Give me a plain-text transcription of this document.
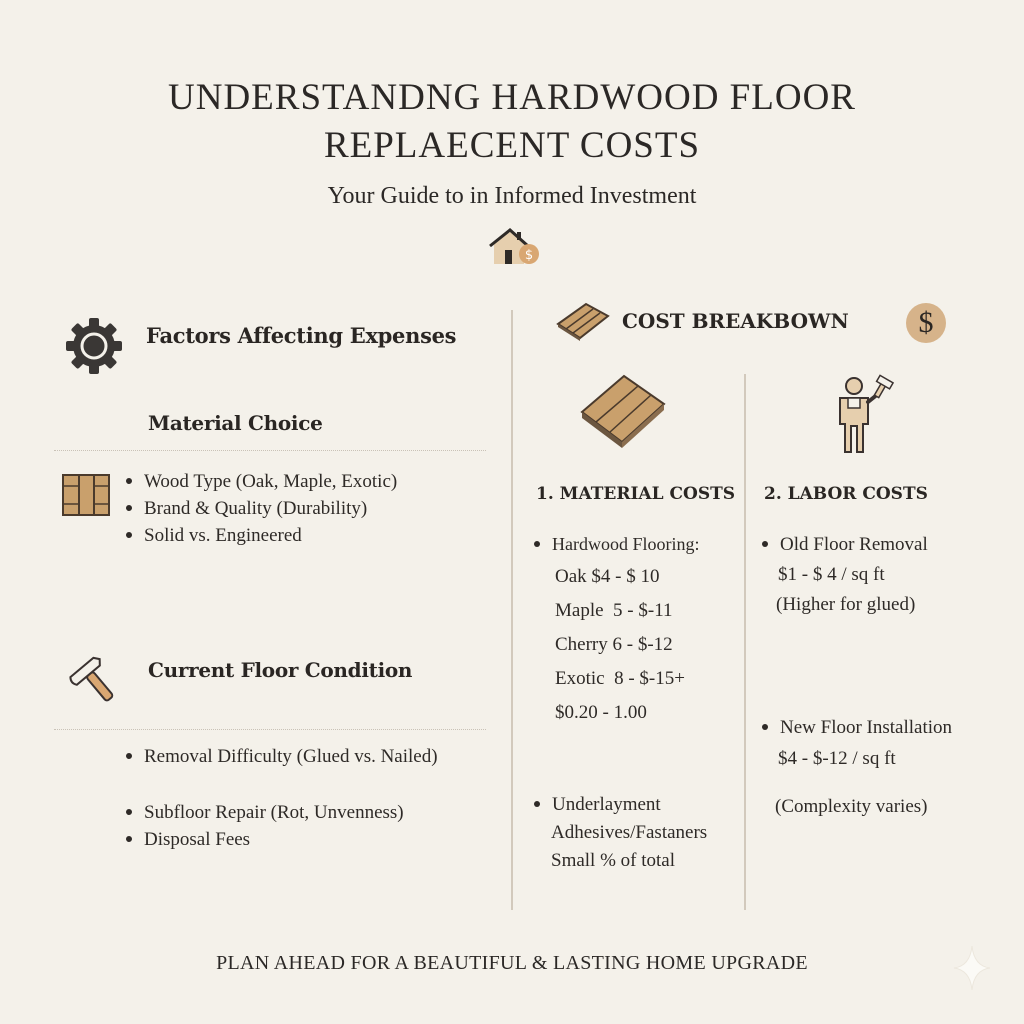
UNDERSTANDNG HARDWOOD FLOOR
REPLAECENT COSTS
Your Guide to in Informed Investment
$
Factors Affecting Expenses
Material Choice
Wood Type (Oak, Maple, Exotic)
Brand & Quality (Durability)
Solid vs. Engineered
Current Floor Condition
Removal Difficulty (Glued vs. Nailed)
Subfloor Repair (Rot, Unvenness)
Disposal Fees
COST BREAKBOWN	$
1. MATERIAL COSTS
Hardwood Flooring:
Oak $4 - $ 10
Maple  5 - $-11
Cherry 6 - $-12
Exotic  8 - $-15+
$0.20 - 1.00
Underlayment
Adhesives/Fastaners
Small % of total
2. LABOR COSTS
Old Floor Removal
$1 - $ 4 / sq ft
(Higher for glued)
New Floor Installation
$4 - $-12 / sq ft
(Complexity varies)
PLAN AHEAD FOR A BEAUTIFUL & LASTING HOME UPGRADE
